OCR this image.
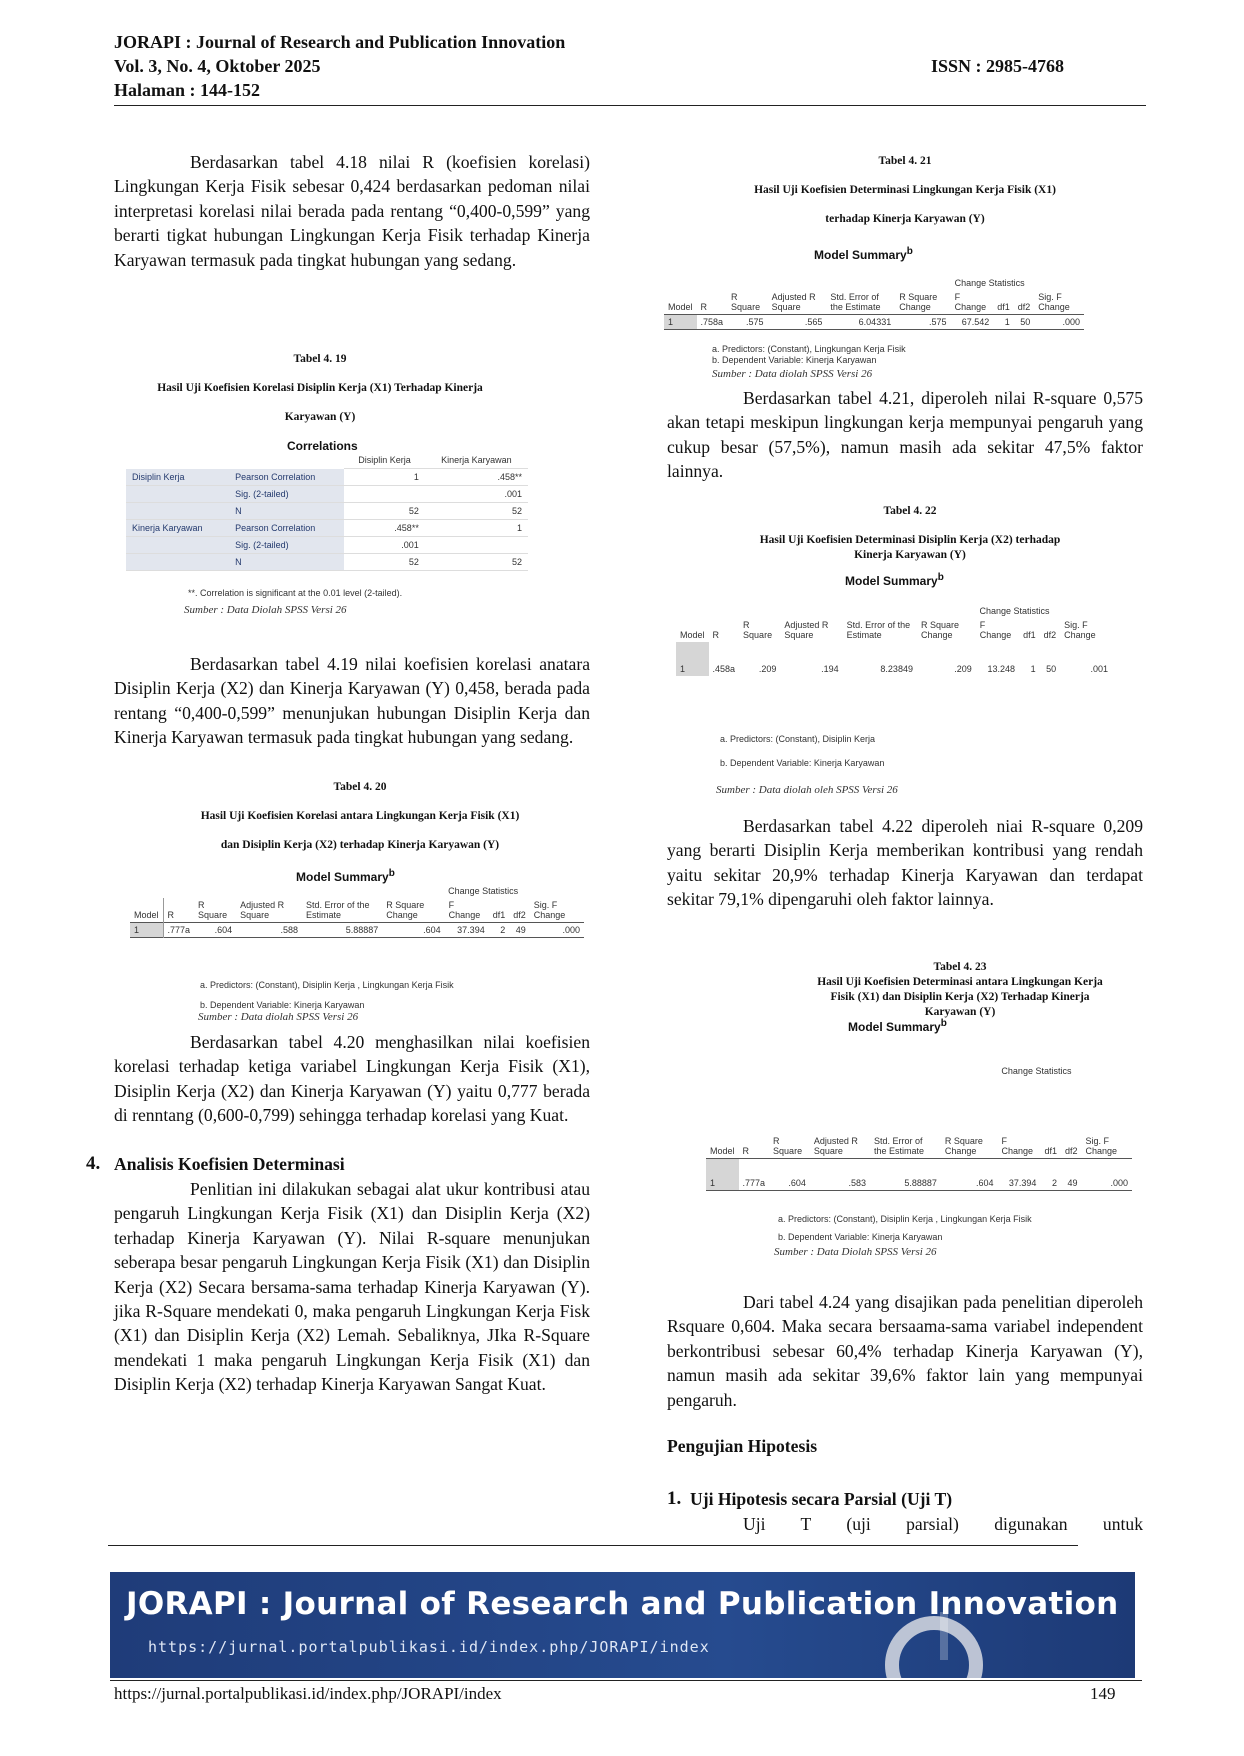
JORAPI : Journal of Research and Publication Innovation
Vol. 3, No. 4, Oktober 2025
Halaman : 144-152
ISSN : 2985-4768

Berdasarkan tabel 4.18 nilai R (koefisien korelasi) Lingkungan Kerja Fisik sebesar 0,424 berdasarkan pedoman nilai interpretasi korelasi nilai berada pada rentang “0,400-0,599” yang berarti tigkat hubungan Lingkungan Kerja Fisik terhadap Kinerja Karyawan termasuk pada tingkat hubungan yang sedang.

Tabel 4. 19
Hasil Uji Koefisien Korelasi Disiplin Kerja (X1) Terhadap Kinerja
Karyawan (Y)
Correlations
		Disiplin Kerja	Kinerja Karyawan
Disiplin Kerja	Pearson Correlation	1	.458**
	Sig. (2-tailed)		.001
	N	52	52
Kinerja Karyawan	Pearson Correlation	.458**	1
	Sig. (2-tailed)	.001	
	N	52	52
**. Correlation is significant at the 0.01 level (2-tailed).
Sumber : Data Diolah SPSS Versi 26

Berdasarkan tabel 4.19 nilai koefisien korelasi anatara Disiplin Kerja (X2) dan Kinerja Karyawan (Y) 0,458, berada pada rentang “0,400-0,599” menunjukan hubungan Disiplin Kerja dan Kinerja Karyawan termasuk pada tingkat hubungan yang sedang.

Tabel 4. 20
Hasil Uji Koefisien Korelasi antara Lingkungan Kerja Fisik (X1)
dan Disiplin Kerja (X2) terhadap Kinerja Karyawan (Y)
Model Summary$^b$
					Change Statistics				
Model	R	R Square	Adjusted R Square	Std. Error of the Estimate	R Square Change	F Change	df1	df2	Sig. F Change
1	.777a	.604	.588	5.88887	.604	37.394	2	49	.000
a. Predictors: (Constant), Disiplin Kerja , Lingkungan Kerja Fisik
b. Dependent Variable: Kinerja Karyawan
Sumber : Data diolah SPSS Versi 26

Berdasarkan tabel 4.20 menghasilkan nilai koefisien korelasi terhadap ketiga variabel Lingkungan Kerja Fisik (X1), Disiplin Kerja (X2) dan Kinerja Karyawan (Y) yaitu 0,777 berada di renntang (0,600-0,799) sehingga terhadap korelasi yang Kuat.

4. Analisis Koefisien Determinasi

Penlitian ini dilakukan sebagai alat ukur kontribusi atau pengaruh Lingkungan Kerja Fisik (X1) dan Disiplin Kerja (X2) terhadap Kinerja Karyawan (Y). Nilai R-square menunjukan seberapa besar pengaruh Lingkungan Kerja Fisik (X1) dan Disiplin Kerja (X2) Secara bersama-sama terhadap Kinerja Karyawan (Y). jika R-Square mendekati 0, maka pengaruh Lingkungan Kerja Fisk (X1) dan Disiplin Kerja (X2) Lemah. Sebaliknya, JIka R-Square mendekati 1 maka pengaruh Lingkungan Kerja Fisik (X1) dan Disiplin Kerja (X2) terhadap Kinerja Karyawan Sangat Kuat.

Tabel 4. 21
Hasil Uji Koefisien Determinasi Lingkungan Kerja Fisik (X1)
terhadap Kinerja Karyawan (Y)
Model Summary$^b$
					Change Statistics				
Model	R	R Square	Adjusted R Square	Std. Error of the Estimate	R Square Change	F Change	df1	df2	Sig. F Change
1	.758a	.575	.565	6.04331	.575	67.542	1	50	.000
a. Predictors: (Constant), Lingkungan Kerja Fisik
b. Dependent Variable: Kinerja Karyawan
Sumber : Data diolah SPSS Versi 26

Berdasarkan tabel 4.21, diperoleh nilai R-square 0,575 akan tetapi meskipun lingkungan kerja mempunyai pengaruh yang cukup besar (57,5%), namun masih ada sekitar 47,5% faktor lainnya.

Tabel 4. 22
Hasil Uji Koefisien Determinasi Disiplin Kerja (X2) terhadap
Kinerja Karyawan (Y)
Model Summary$^b$
					Change Statistics				
Model	R	R Square	Adjusted R Square	Std. Error of the Estimate	R Square Change	F Change	df1	df2	Sig. F Change
1	.458a	.209	.194	8.23849	.209	13.248	1	50	.001
a. Predictors: (Constant), Disiplin Kerja
b. Dependent Variable: Kinerja Karyawan
Sumber : Data diolah oleh SPSS Versi 26

Berdasarkan tabel 4.22 diperoleh niai R-square 0,209 yang berarti Disiplin Kerja memberikan kontribusi yang rendah yaitu sekitar 20,9% terhadap Kinerja Karyawan dan terdapat sekitar 79,1% dipengaruhi oleh faktor lainnya.

Tabel 4. 23
Hasil Uji Koefisien Determinasi antara Lingkungan Kerja
Fisik (X1) dan Disiplin Kerja (X2) Terhadap Kinerja
Karyawan (Y)
Model Summary$^b$
					Change Statistics				
Model	R	R Square	Adjusted R Square	Std. Error of the Estimate	R Square Change	F Change	df1	df2	Sig. F Change
1	.777a	.604	.583	5.88887	.604	37.394	2	49	.000
a. Predictors: (Constant), Disiplin Kerja , Lingkungan Kerja Fisik
b. Dependent Variable: Kinerja Karyawan
Sumber : Data Diolah SPSS Versi 26

Dari tabel 4.24 yang disajikan pada penelitian diperoleh Rsquare 0,604. Maka secara bersaama-sama variabel independent berkontribusi sebesar 60,4% terhadap Kinerja Karyawan (Y), namun masih ada sekitar 39,6% faktor lain yang mempunyai pengaruh.

Pengujian Hipotesis
1. Uji Hipotesis secara Parsial (Uji T)

Uji T (uji parsial) digunakan untuk

JORAPI : Journal of Research and Publication Innovation
https://jurnal.portalpublikasi.id/index.php/JORAPI/index
https://jurnal.portalpublikasi.id/index.php/JORAPI/index	149
